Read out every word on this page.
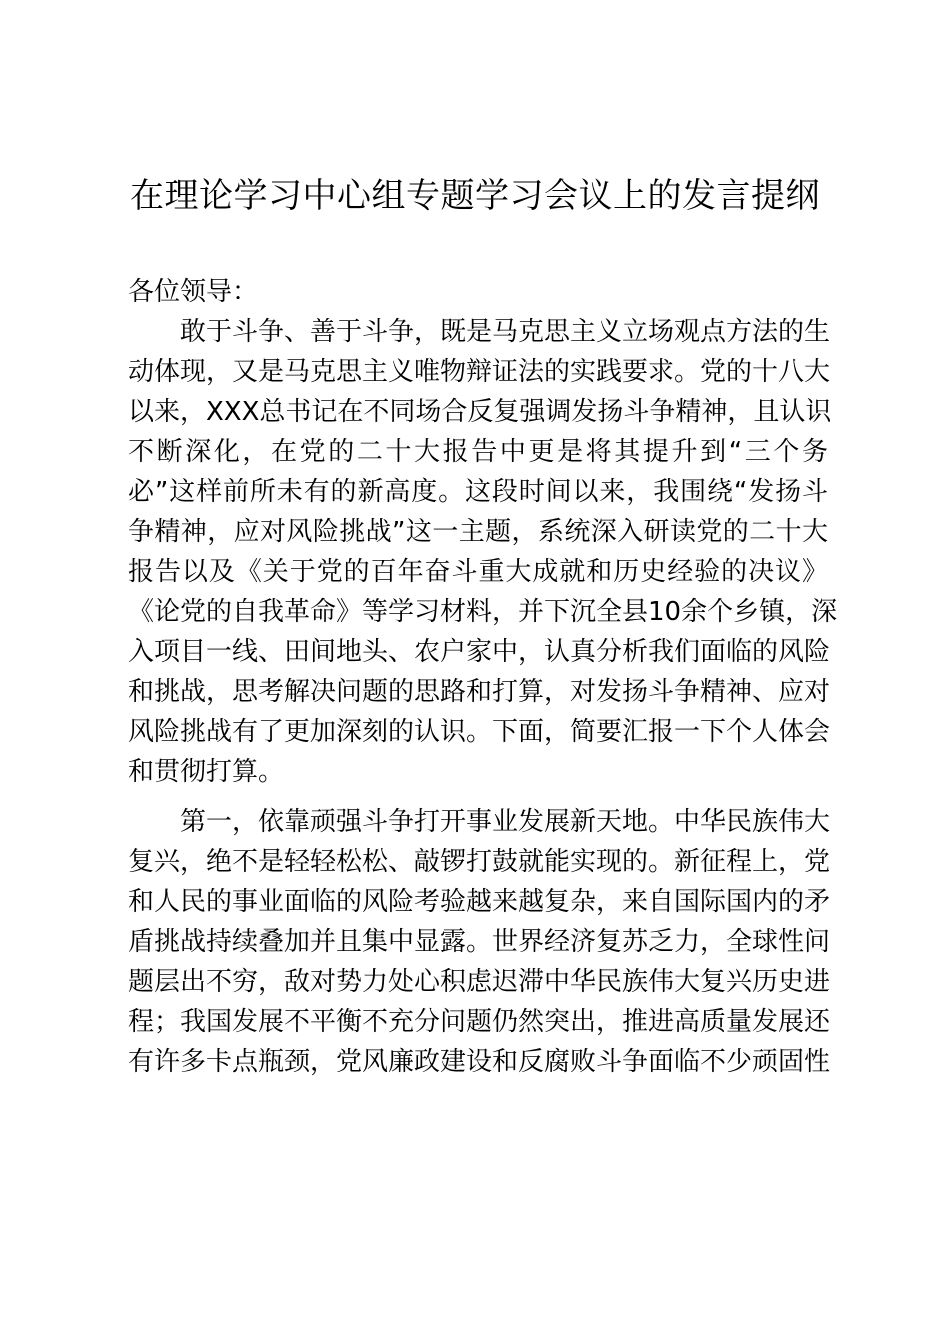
在理论学习中心组专题学习会议上的发言提纲
各位领导：
敢于斗争、善于斗争，既是马克思主义立场观点方法的生
动体现，又是马克思主义唯物辩证法的实践要求。党的十八大
以来，XXX总书记在不同场合反复强调发扬斗争精神，且认识
不断深化，在党的二十大报告中更是将其提升到“三个务
必”这样前所未有的新高度。这段时间以来，我围绕“发扬斗
争精神，应对风险挑战”这一主题，系统深入研读党的二十大
报告以及《关于党的百年奋斗重大成就和历史经验的决议》
《论党的自我革命》等学习材料，并下沉全县10余个乡镇，深
入项目一线、田间地头、农户家中，认真分析我们面临的风险
和挑战，思考解决问题的思路和打算，对发扬斗争精神、应对
风险挑战有了更加深刻的认识。下面，简要汇报一下个人体会
和贯彻打算。
第一，依靠顽强斗争打开事业发展新天地。中华民族伟大
复兴，绝不是轻轻松松、敲锣打鼓就能实现的。新征程上，党
和人民的事业面临的风险考验越来越复杂，来自国际国内的矛
盾挑战持续叠加并且集中显露。世界经济复苏乏力，全球性问
题层出不穷，敌对势力处心积虑迟滞中华民族伟大复兴历史进
程；我国发展不平衡不充分问题仍然突出，推进高质量发展还
有许多卡点瓶颈，党风廉政建设和反腐败斗争面临不少顽固性
